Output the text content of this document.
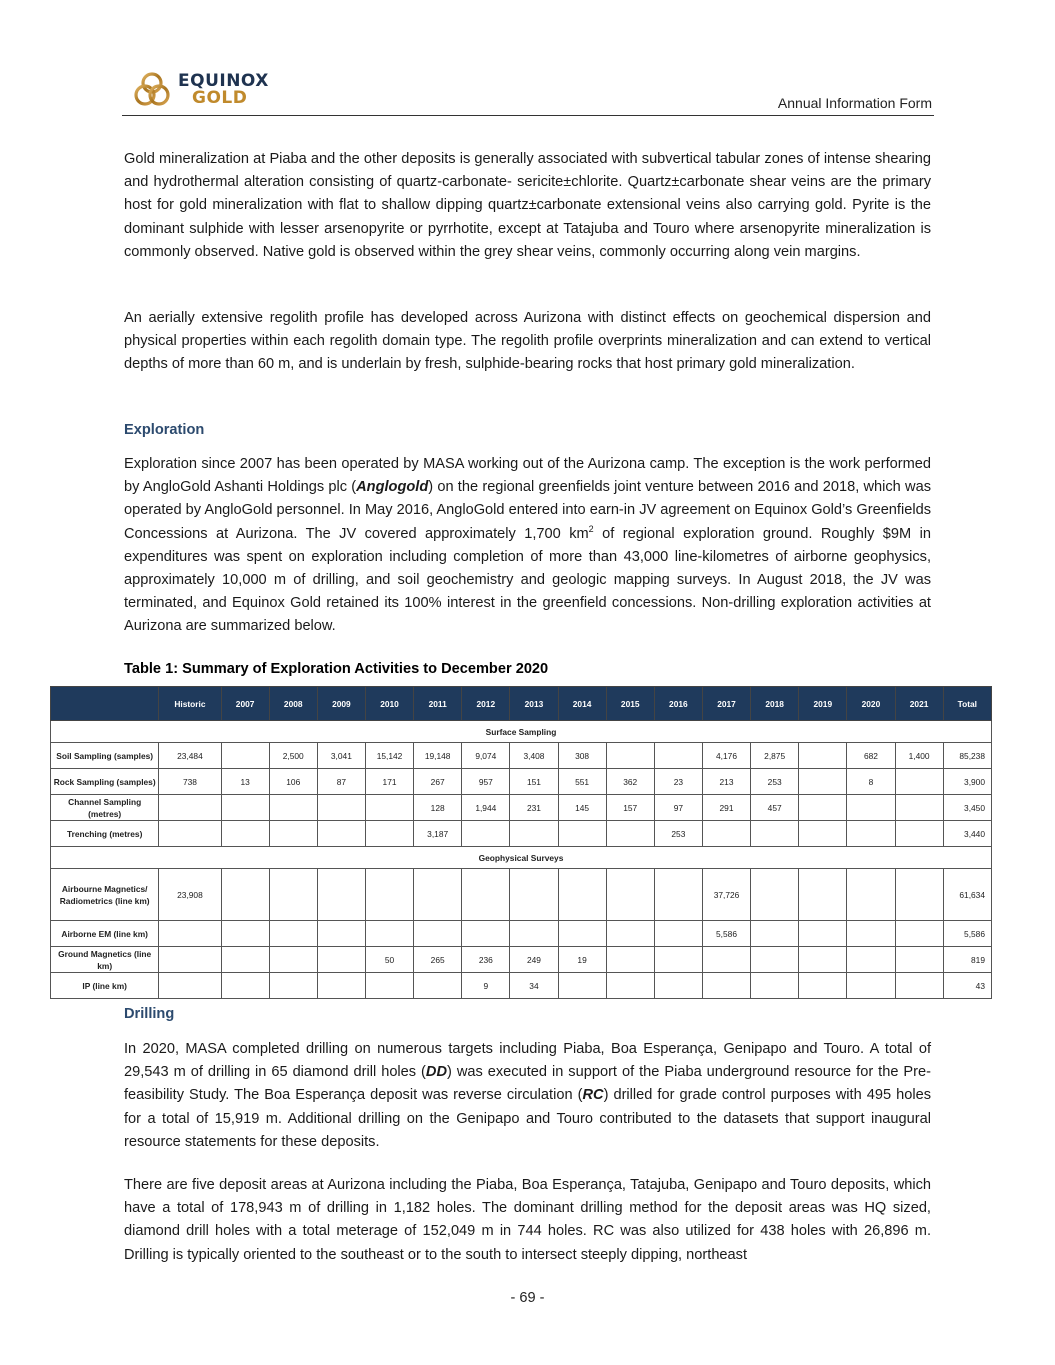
EQUINOX
GOLD	Annual Information Form

Gold mineralization at Piaba and the other deposits is generally associated with subvertical tabular zones of intense shearing and hydrothermal alteration consisting of quartz-carbonate- sericite±chlorite. Quartz±carbonate shear veins are the primary host for gold mineralization with flat to shallow dipping quartz±carbonate extensional veins also carrying gold. Pyrite is the dominant sulphide with lesser arsenopyrite or pyrrhotite, except at Tatajuba and Touro where arsenopyrite mineralization is commonly observed. Native gold is observed within the grey shear veins, commonly occurring along vein margins.

An aerially extensive regolith profile has developed across Aurizona with distinct effects on geochemical dispersion and physical properties within each regolith domain type. The regolith profile overprints mineralization and can extend to vertical depths of more than 60 m, and is underlain by fresh, sulphide-bearing rocks that host primary gold mineralization.

Exploration

Exploration since 2007 has been operated by MASA working out of the Aurizona camp. The exception is the work performed by AngloGold Ashanti Holdings plc (Anglogold) on the regional greenfields joint venture between 2016 and 2018, which was operated by AngloGold personnel. In May 2016, AngloGold entered into earn-in JV agreement on Equinox Gold’s Greenfields Concessions at Aurizona. The JV covered approximately 1,700 $km^2$ of regional exploration ground. Roughly $9M in expenditures was spent on exploration including completion of more than 43,000 line-kilometres of airborne geophysics, approximately 10,000 m of drilling, and soil geochemistry and geologic mapping surveys. In August 2018, the JV was terminated, and Equinox Gold retained its 100% interest in the greenfield concessions. Non-drilling exploration activities at Aurizona are summarized below.

Table 1: Summary of Exploration Activities to December 2020
	Historic	2007	2008	2009	2010	2011	2012	2013	2014	2015	2016	2017	2018	2019	2020	2021	Total
Surface Sampling																	
Soil Sampling (samples)	23,484		2,500	3,041	15,142	19,148	9,074	3,408	308			4,176	2,875		682	1,400	85,238
Rock Sampling (samples)	738	13	106	87	171	267	957	151	551	362	23	213	253		8		3,900
Channel Sampling (metres)						128	1,944	231	145	157	97	291	457				3,450
Trenching (metres)						3,187					253						3,440
Geophysical Surveys																	
Airbourne Magnetics/ Radiometrics (line km)	23,908											37,726					61,634
Airborne EM (line km)												5,586					5,586
Ground Magnetics (line km)					50	265	236	249	19								819
IP (line km)							9	34									43
Drilling

In 2020, MASA completed drilling on numerous targets including Piaba, Boa Esperança, Genipapo and Touro. A total of 29,543 m of drilling in 65 diamond drill holes (DD) was executed in support of the Piaba underground resource for the Pre-feasibility Study. The Boa Esperança deposit was reverse circulation (RC) drilled for grade control purposes with 495 holes for a total of 15,919 m. Additional drilling on the Genipapo and Touro contributed to the datasets that support inaugural resource statements for these deposits.

There are five deposit areas at Aurizona including the Piaba, Boa Esperança, Tatajuba, Genipapo and Touro deposits, which have a total of 178,943 m of drilling in 1,182 holes. The dominant drilling method for the deposit areas was HQ sized, diamond drill holes with a total meterage of 152,049 m in 744 holes. RC was also utilized for 438 holes with 26,896 m. Drilling is typically oriented to the southeast or to the south to intersect steeply dipping, northeast

- 69 -
